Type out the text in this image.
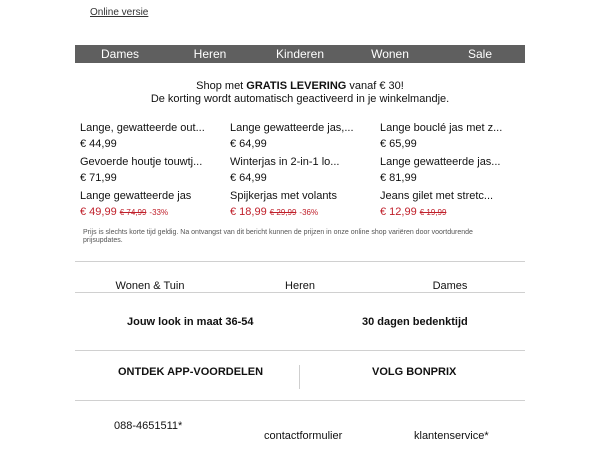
Online versie
Dames	Heren	Kinderen	Wonen	Sale
Shop met GRATIS LEVERING vanaf € 30!
De korting wordt automatisch geactiveerd in je winkelmandje.
Lange, gewatteerde out...
€ 44,99
Lange gewatteerde jas,...
€ 64,99
Lange bouclé jas met z...
€ 65,99
Gevoerde houtje touwtj...
€ 71,99
Winterjas in 2-in-1 lo...
€ 64,99
Lange gewatteerde jas...
€ 81,99
Lange gewatteerde jas
€ 49,99 € 74,99 -33%
Spijkerjas met volants
€ 18,99 € 29,99 -36%
Jeans gilet met stretc...
€ 12,99 € 19,99
Prijs is slechts korte tijd geldig. Na ontvangst van dit bericht kunnen de prijzen in onze online shop variëren door voortdurende prijsupdates.
Wonen & Tuin	Heren	Dames
Jouw look in maat 36-54	30 dagen bedenktijd
ONTDEK APP-VOORDELEN	VOLG BONPRIX
088-4651511*
contactformulier	klantenservice*
